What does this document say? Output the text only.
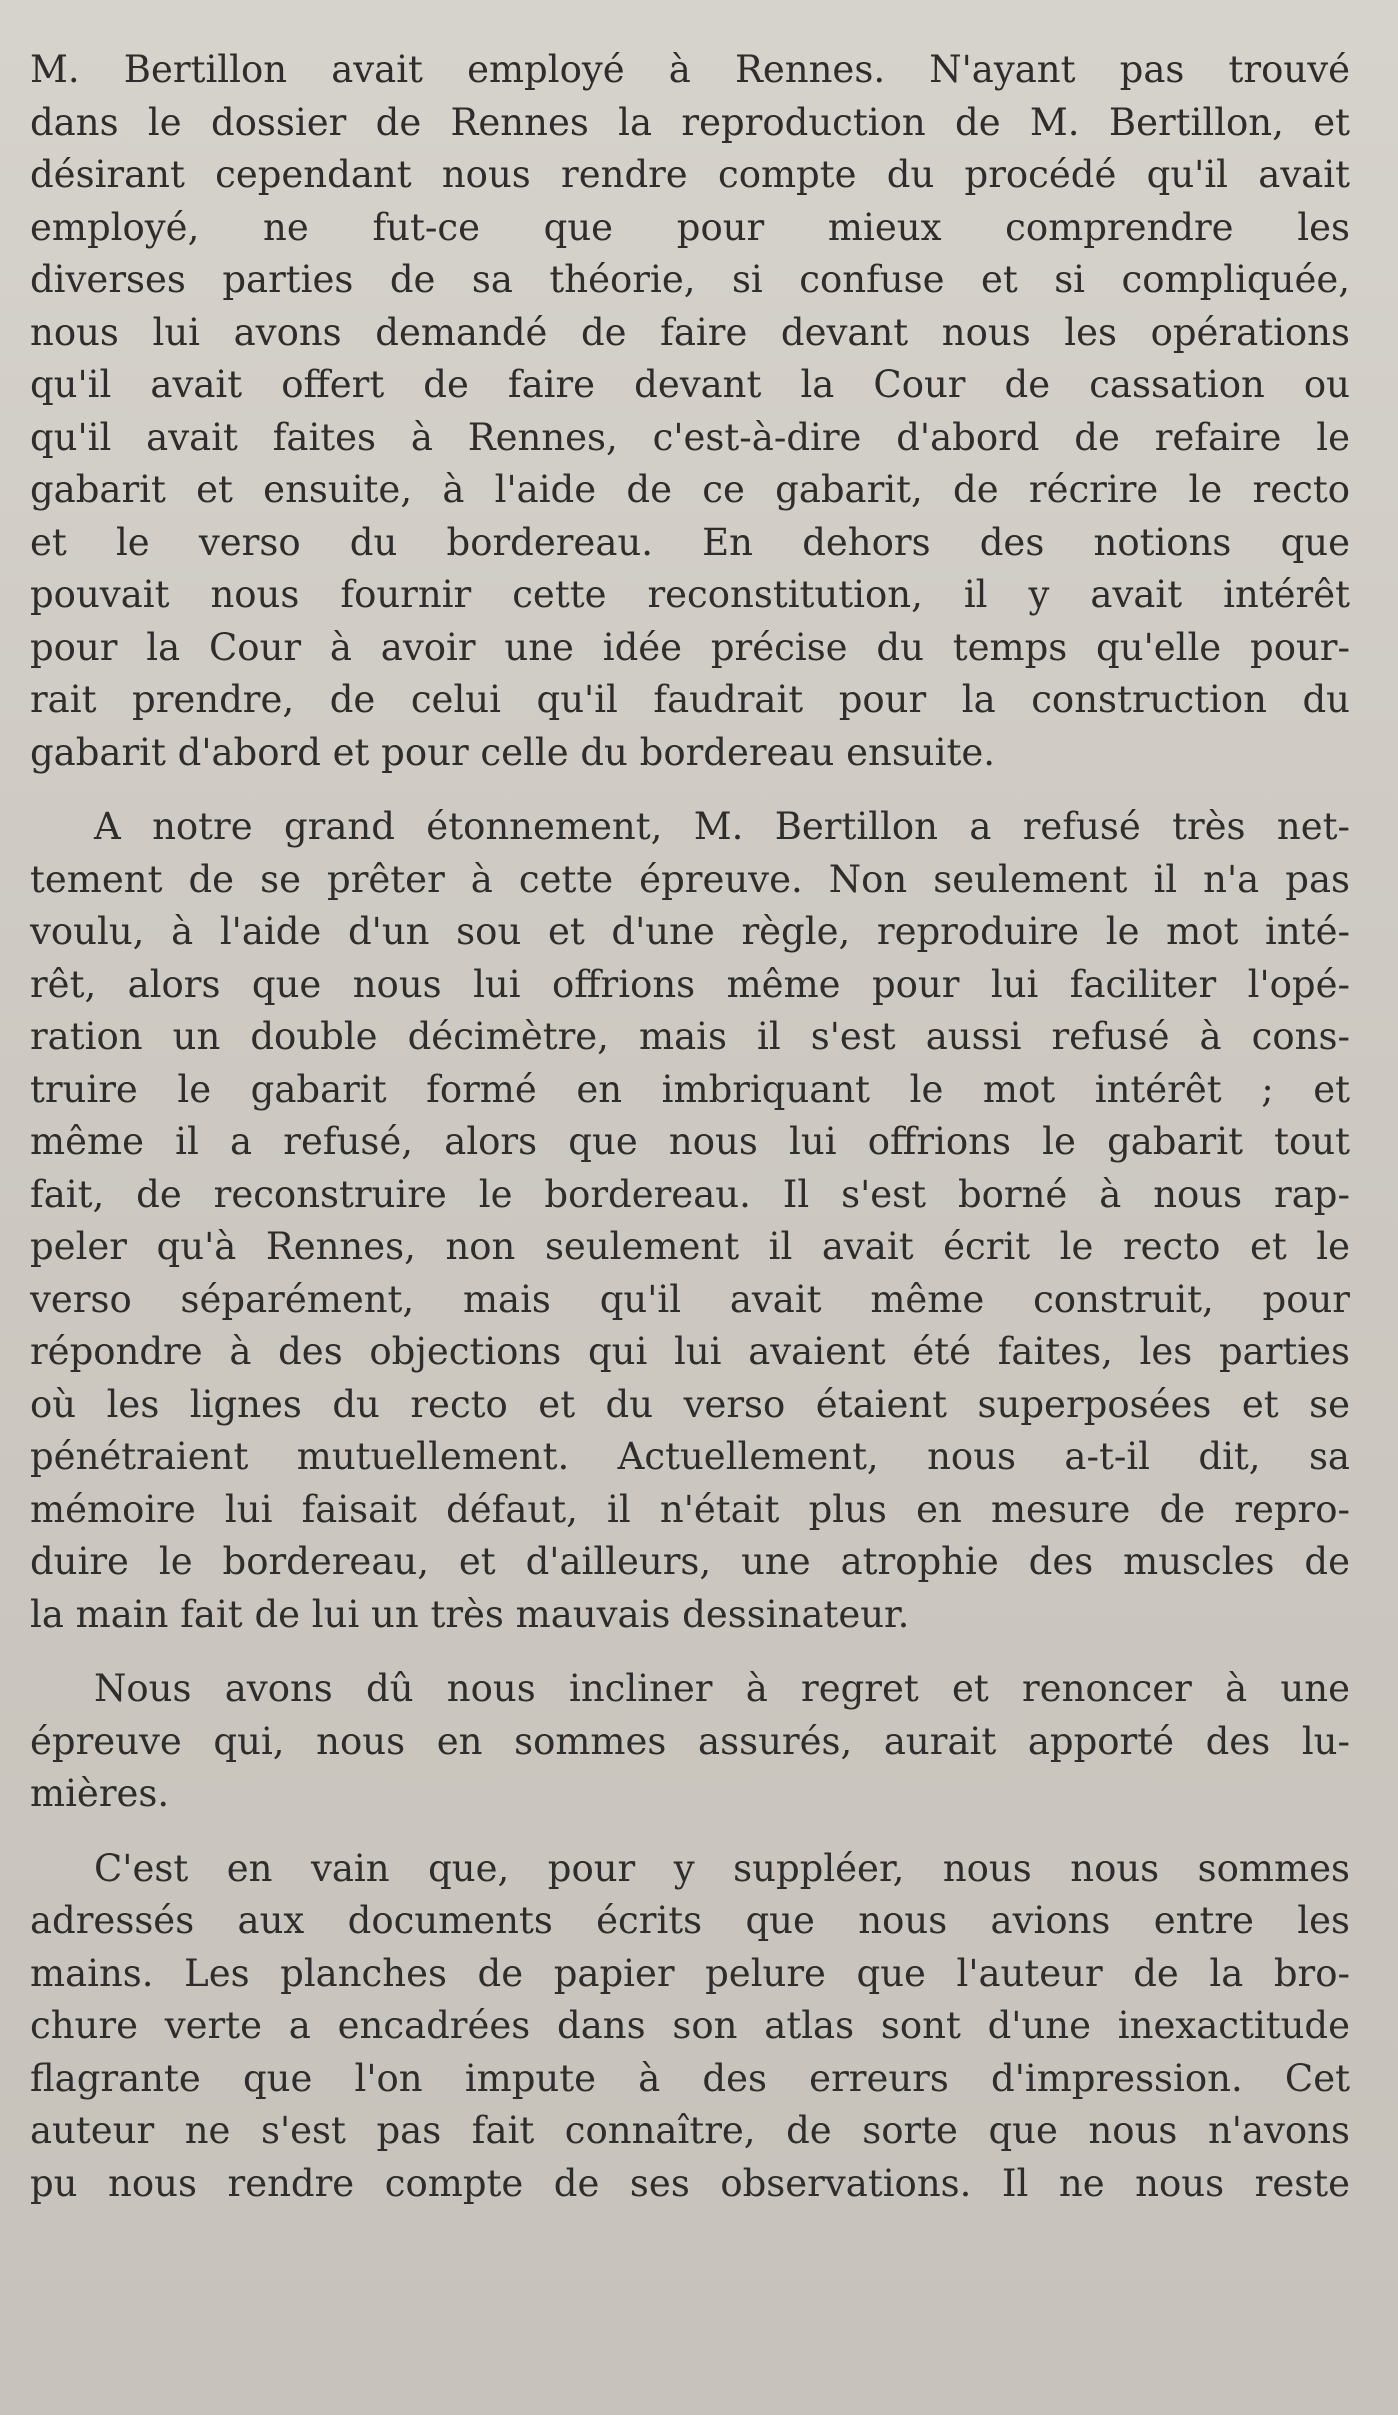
M. Bertillon avait employé à Rennes. N'ayant pas trouvé
dans le dossier de Rennes la reproduction de M. Bertillon, et
désirant cependant nous rendre compte du procédé qu'il avait
employé, ne fut-ce que pour mieux comprendre les
diverses parties de sa théorie, si confuse et si compliquée,
nous lui avons demandé de faire devant nous les opérations
qu'il avait offert de faire devant la Cour de cassation ou
qu'il avait faites à Rennes, c'est-à-dire d'abord de refaire le
gabarit et ensuite, à l'aide de ce gabarit, de récrire le recto
et le verso du bordereau. En dehors des notions que
pouvait nous fournir cette reconstitution, il y avait intérêt
pour la Cour à avoir une idée précise du temps qu'elle pour-
rait prendre, de celui qu'il faudrait pour la construction du
gabarit d'abord et pour celle du bordereau ensuite.
A notre grand étonnement, M. Bertillon a refusé très net-
tement de se prêter à cette épreuve. Non seulement il n'a pas
voulu, à l'aide d'un sou et d'une règle, reproduire le mot inté-
rêt, alors que nous lui offrions même pour lui faciliter l'opé-
ration un double décimètre, mais il s'est aussi refusé à cons-
truire le gabarit formé en imbriquant le mot intérêt ; et
même il a refusé, alors que nous lui offrions le gabarit tout
fait, de reconstruire le bordereau. Il s'est borné à nous rap-
peler qu'à Rennes, non seulement il avait écrit le recto et le
verso séparément, mais qu'il avait même construit, pour
répondre à des objections qui lui avaient été faites, les parties
où les lignes du recto et du verso étaient superposées et se
pénétraient mutuellement. Actuellement, nous a-t-il dit, sa
mémoire lui faisait défaut, il n'était plus en mesure de repro-
duire le bordereau, et d'ailleurs, une atrophie des muscles de
la main fait de lui un très mauvais dessinateur.
Nous avons dû nous incliner à regret et renoncer à une
épreuve qui, nous en sommes assurés, aurait apporté des lu-
mières.
C'est en vain que, pour y suppléer, nous nous sommes
adressés aux documents écrits que nous avions entre les
mains. Les planches de papier pelure que l'auteur de la bro-
chure verte a encadrées dans son atlas sont d'une inexactitude
flagrante que l'on impute à des erreurs d'impression. Cet
auteur ne s'est pas fait connaître, de sorte que nous n'avons
pu nous rendre compte de ses observations. Il ne nous reste
